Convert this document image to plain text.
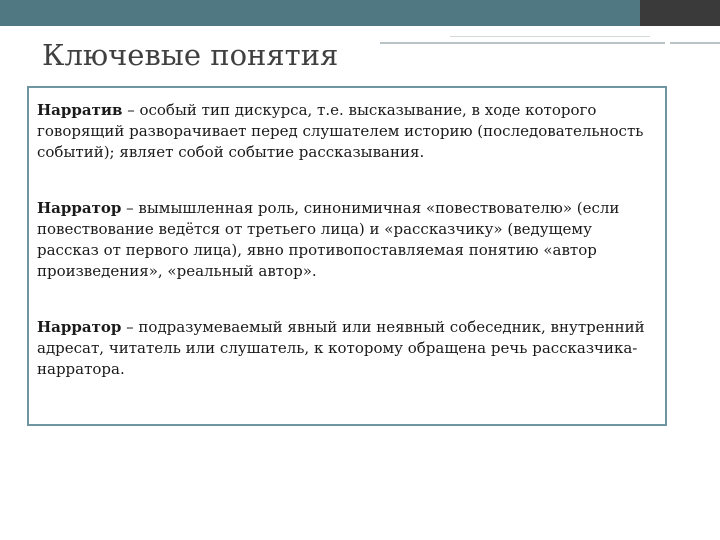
Ключевые понятия

Нарратив – особый тип дискурса, т.е. высказывание, в ходе которого говорящий разворачивает перед слушателем историю (последовательность событий); являет собой событие рассказывания.

Нарратор – вымышленная роль, синонимичная «повествователю» (если повествование ведётся от третьего лица) и «рассказчику» (ведущему рассказ от первого лица), явно противопоставляемая понятию «автор произведения», «реальный автор».

Нарратор – подразумеваемый явный или неявный собеседник, внутренний адресат, читатель или слушатель, к которому обращена речь рассказчика-нарратора.
